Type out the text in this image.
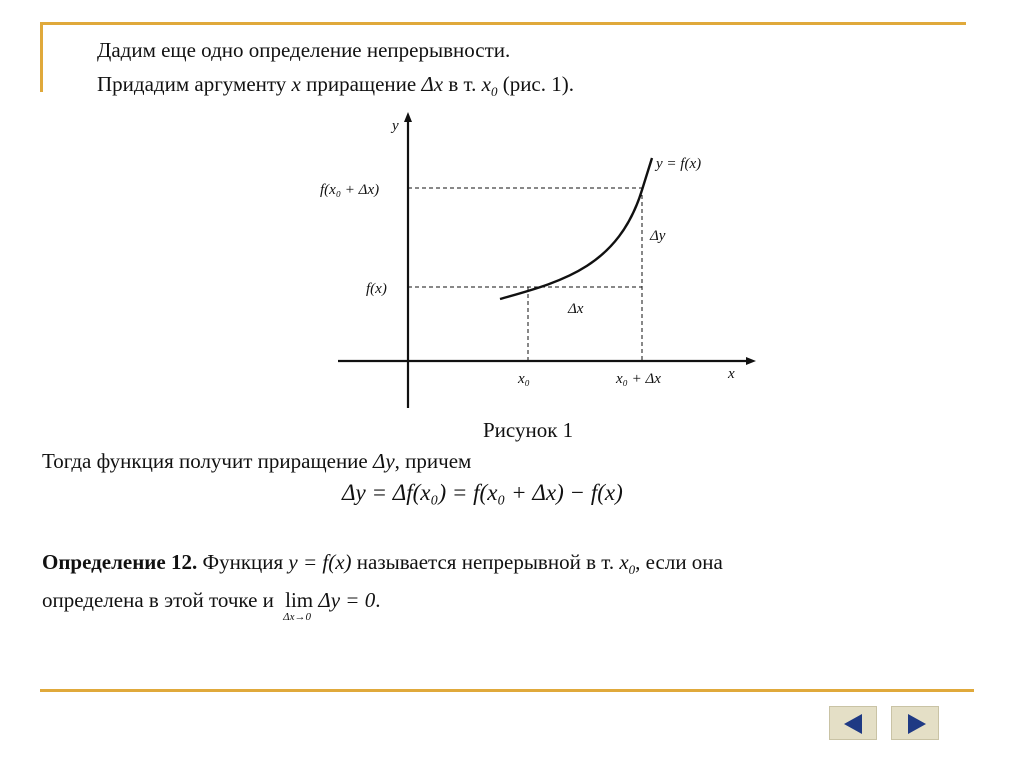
Дадим еще одно определение непрерывности.
Придадим аргументу x приращение Δx в т. $x_0$ (рис. 1).
y
x
y = f(x)
f(x₀ + Δx)
f(x)
Δy
Δx
x₀	x₀ + Δx
Рисунок 1
Тогда функция получит приращение Δy, причем
Δy = Δf(x₀) = f(x₀ + Δx) − f(x)
Определение 12. Функция y = f(x) называется непрерывной в т. $x_0$, если она
определена в этой точке и lim
Δx→0
Δy = 0.
